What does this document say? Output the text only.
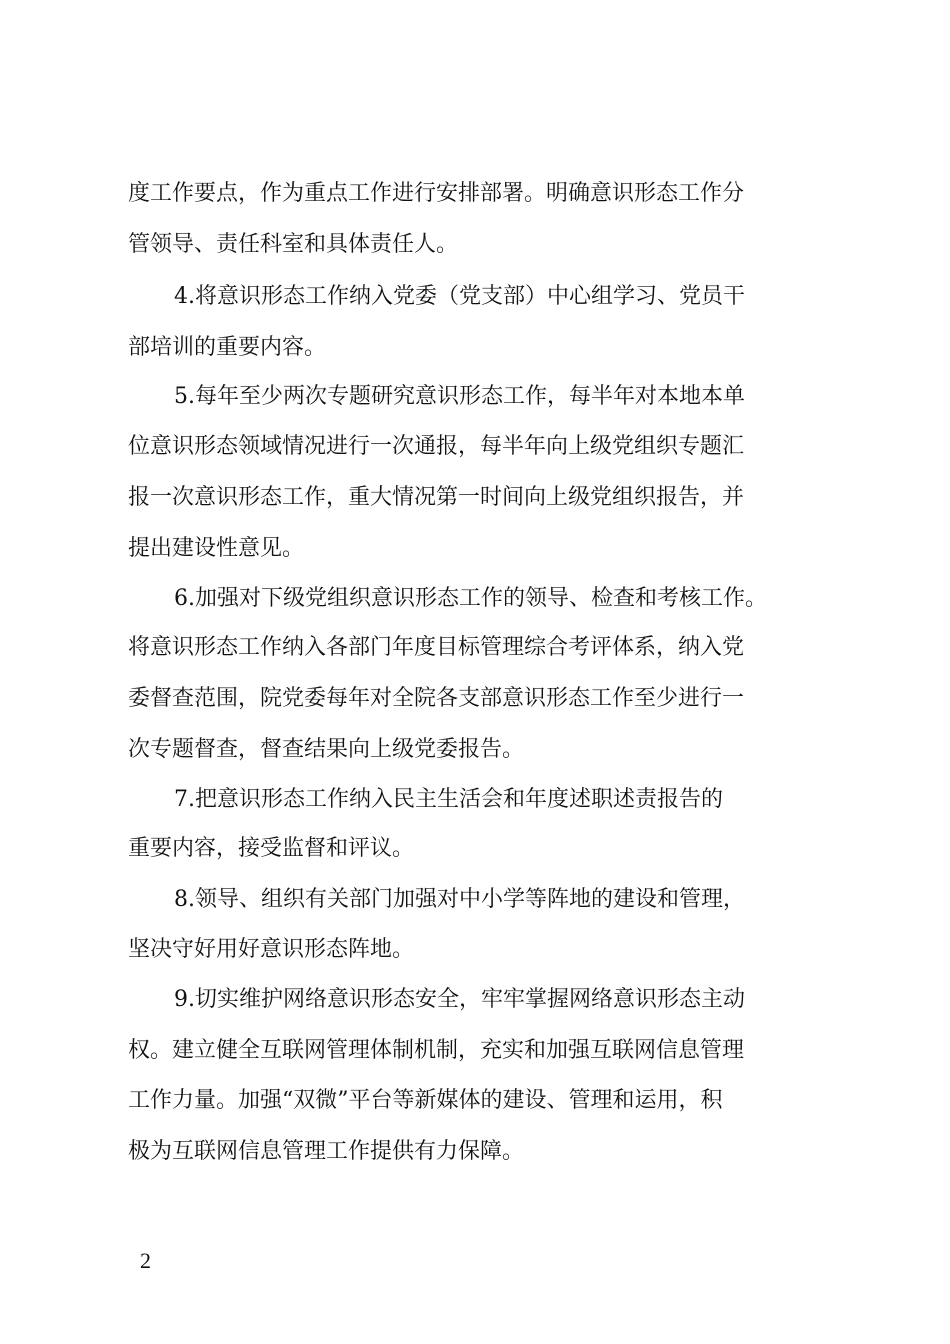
度工作要点，作为重点工作进行安排部署。明确意识形态工作分
管领导、责任科室和具体责任人。
4.将意识形态工作纳入党委（党支部）中心组学习、党员干
部培训的重要内容。
5.每年至少两次专题研究意识形态工作，每半年对本地本单
位意识形态领域情况进行一次通报，每半年向上级党组织专题汇
报一次意识形态工作，重大情况第一时间向上级党组织报告，并
提出建设性意见。
6.加强对下级党组织意识形态工作的领导、检查和考核工作。
将意识形态工作纳入各部门年度目标管理综合考评体系，纳入党
委督查范围，院党委每年对全院各支部意识形态工作至少进行一
次专题督查，督查结果向上级党委报告。
7.把意识形态工作纳入民主生活会和年度述职述责报告的
重要内容，接受监督和评议。
8.领导、组织有关部门加强对中小学等阵地的建设和管理，
坚决守好用好意识形态阵地。
9.切实维护网络意识形态安全，牢牢掌握网络意识形态主动
权。建立健全互联网管理体制机制，充实和加强互联网信息管理
工作力量。加强“双微”平台等新媒体的建设、管理和运用，积
极为互联网信息管理工作提供有力保障。
2
